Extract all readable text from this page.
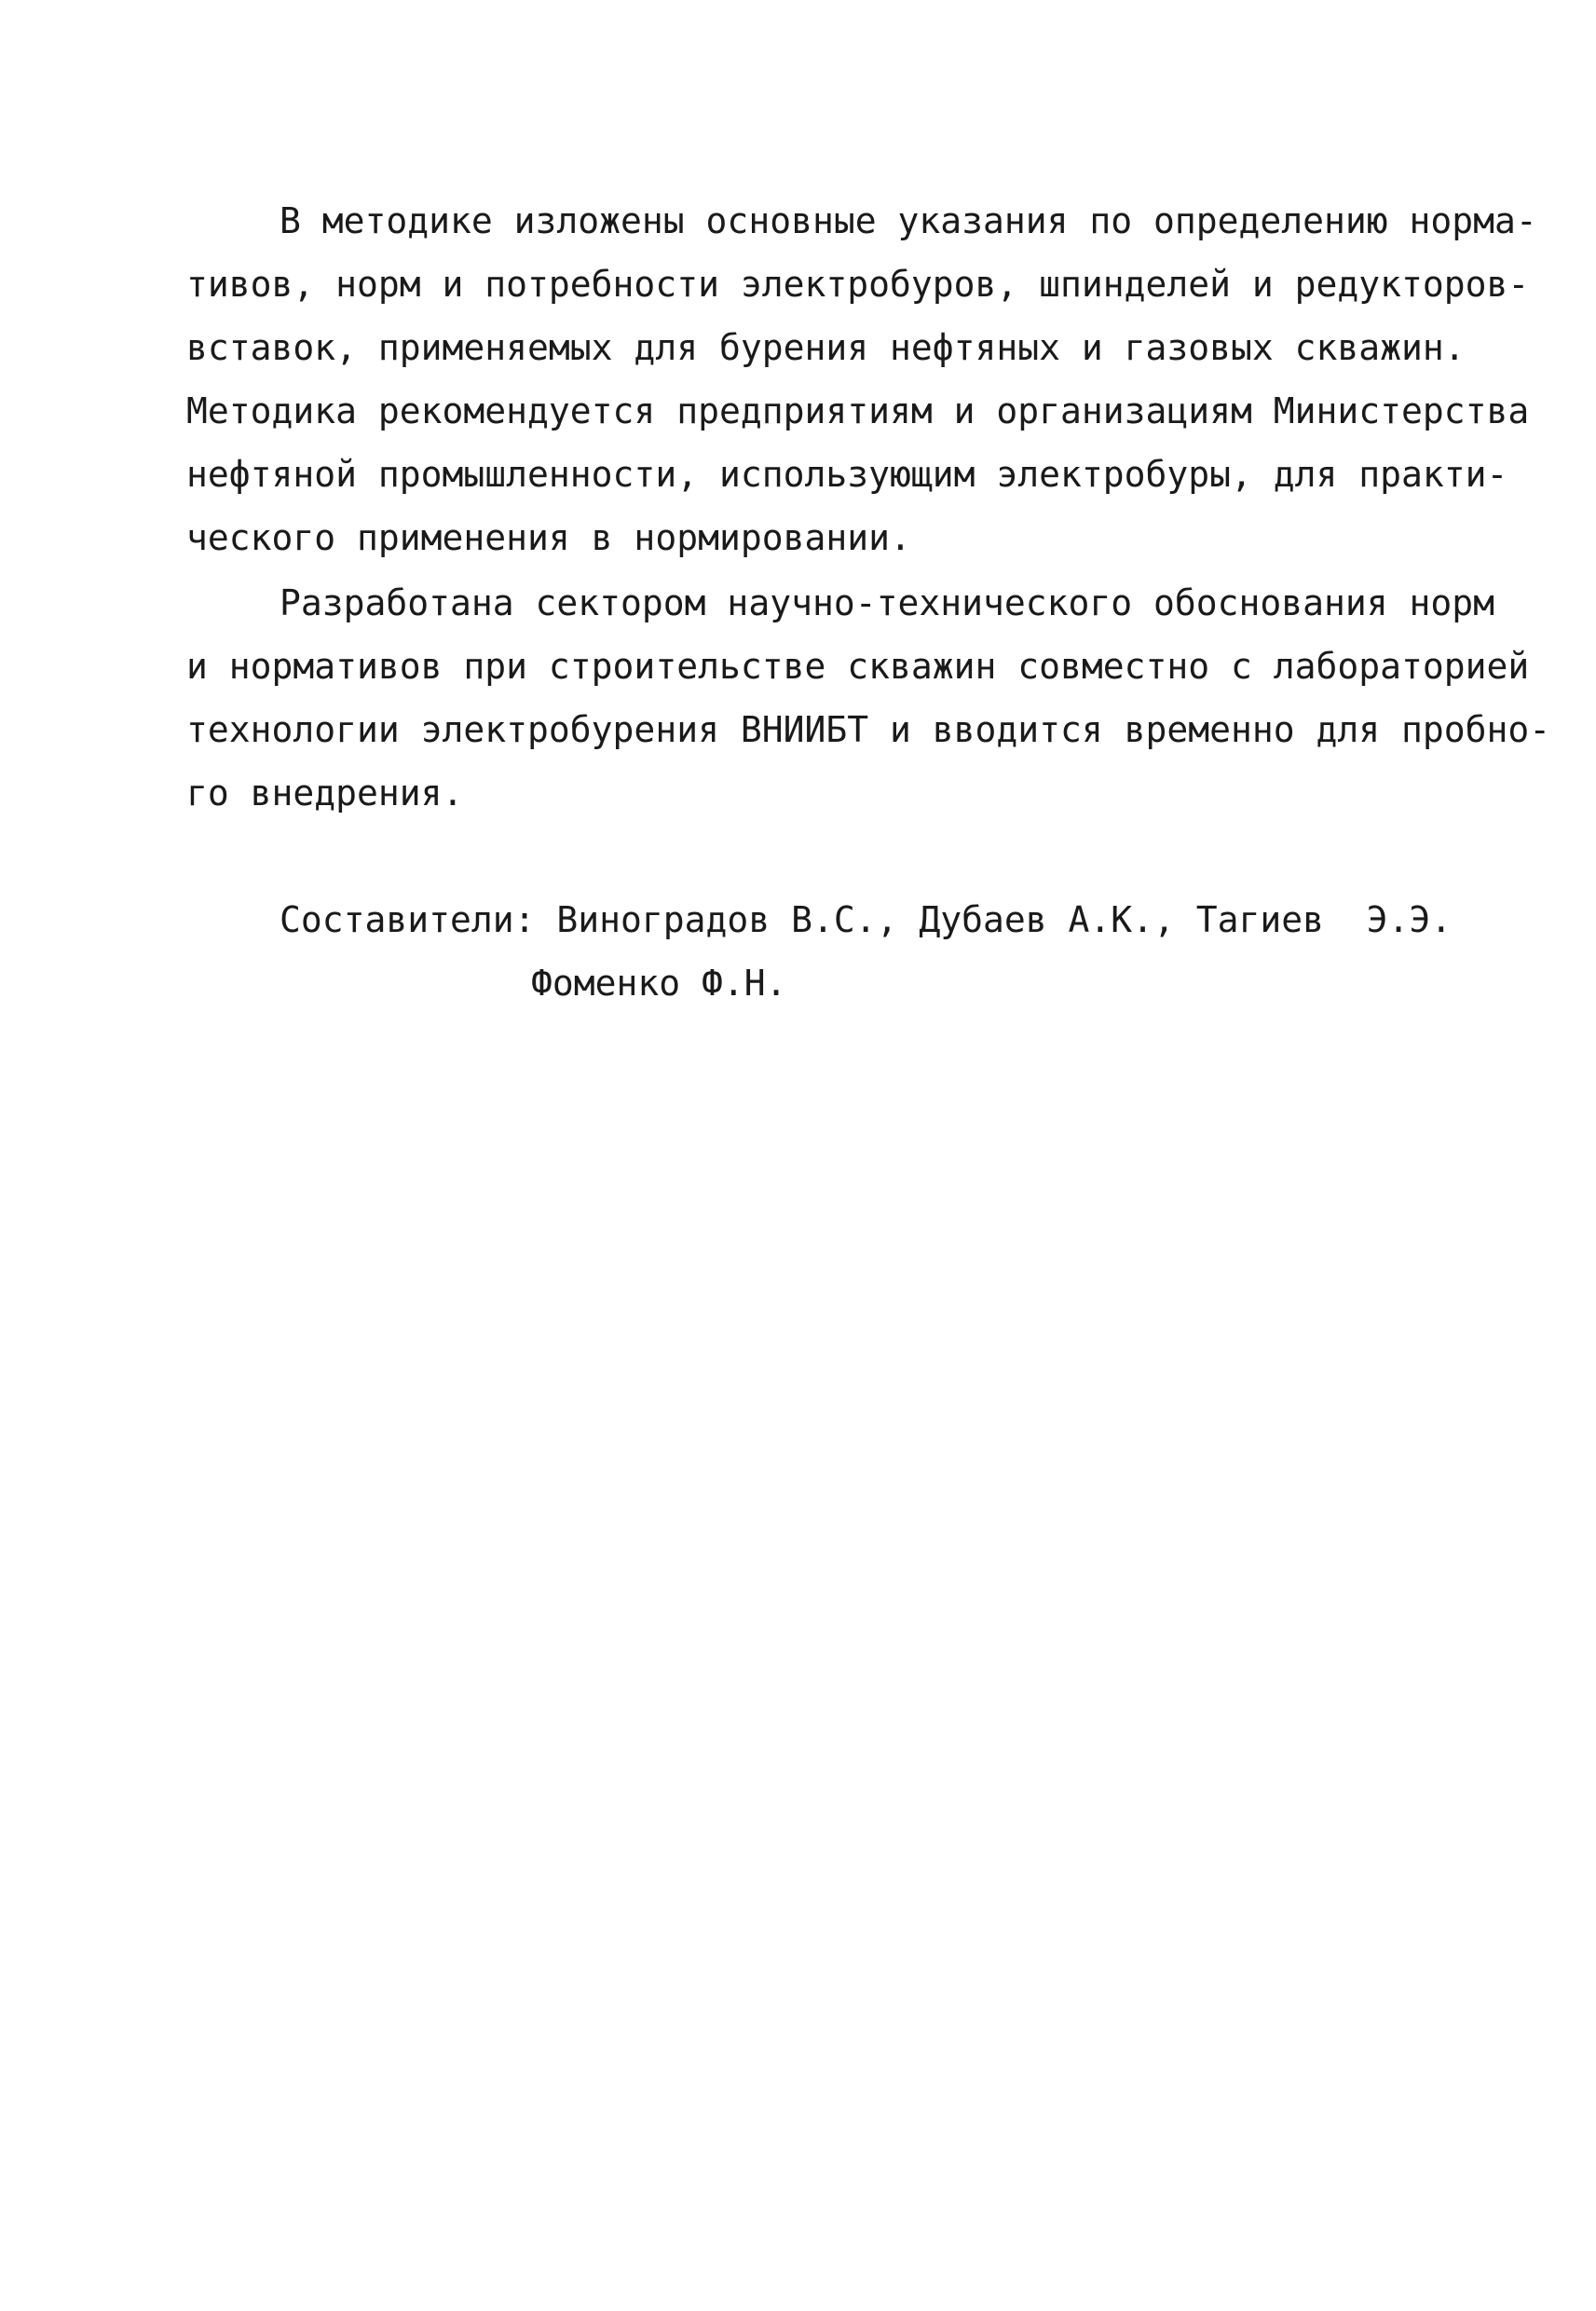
В методике изложены основные указания по определению норма-
тивов, норм и потребности электробуров, шпинделей и редукторов-
вставок, применяемых для бурения нефтяных и газовых скважин.
Методика рекомендуется предприятиям и организациям Министерства
нефтяной промышленности, использующим электробуры, для практи-
ческого применения в нормировании.
Разработана сектором научно-технического обоснования норм
и нормативов при строительстве скважин совместно с лабораторией
технологии электробурения ВНИИБТ и вводится временно для пробно-
го внедрения.
Составители: Виноградов В.С., Дубаев А.К., Тагиев  Э.Э.
Фоменко Ф.Н.
